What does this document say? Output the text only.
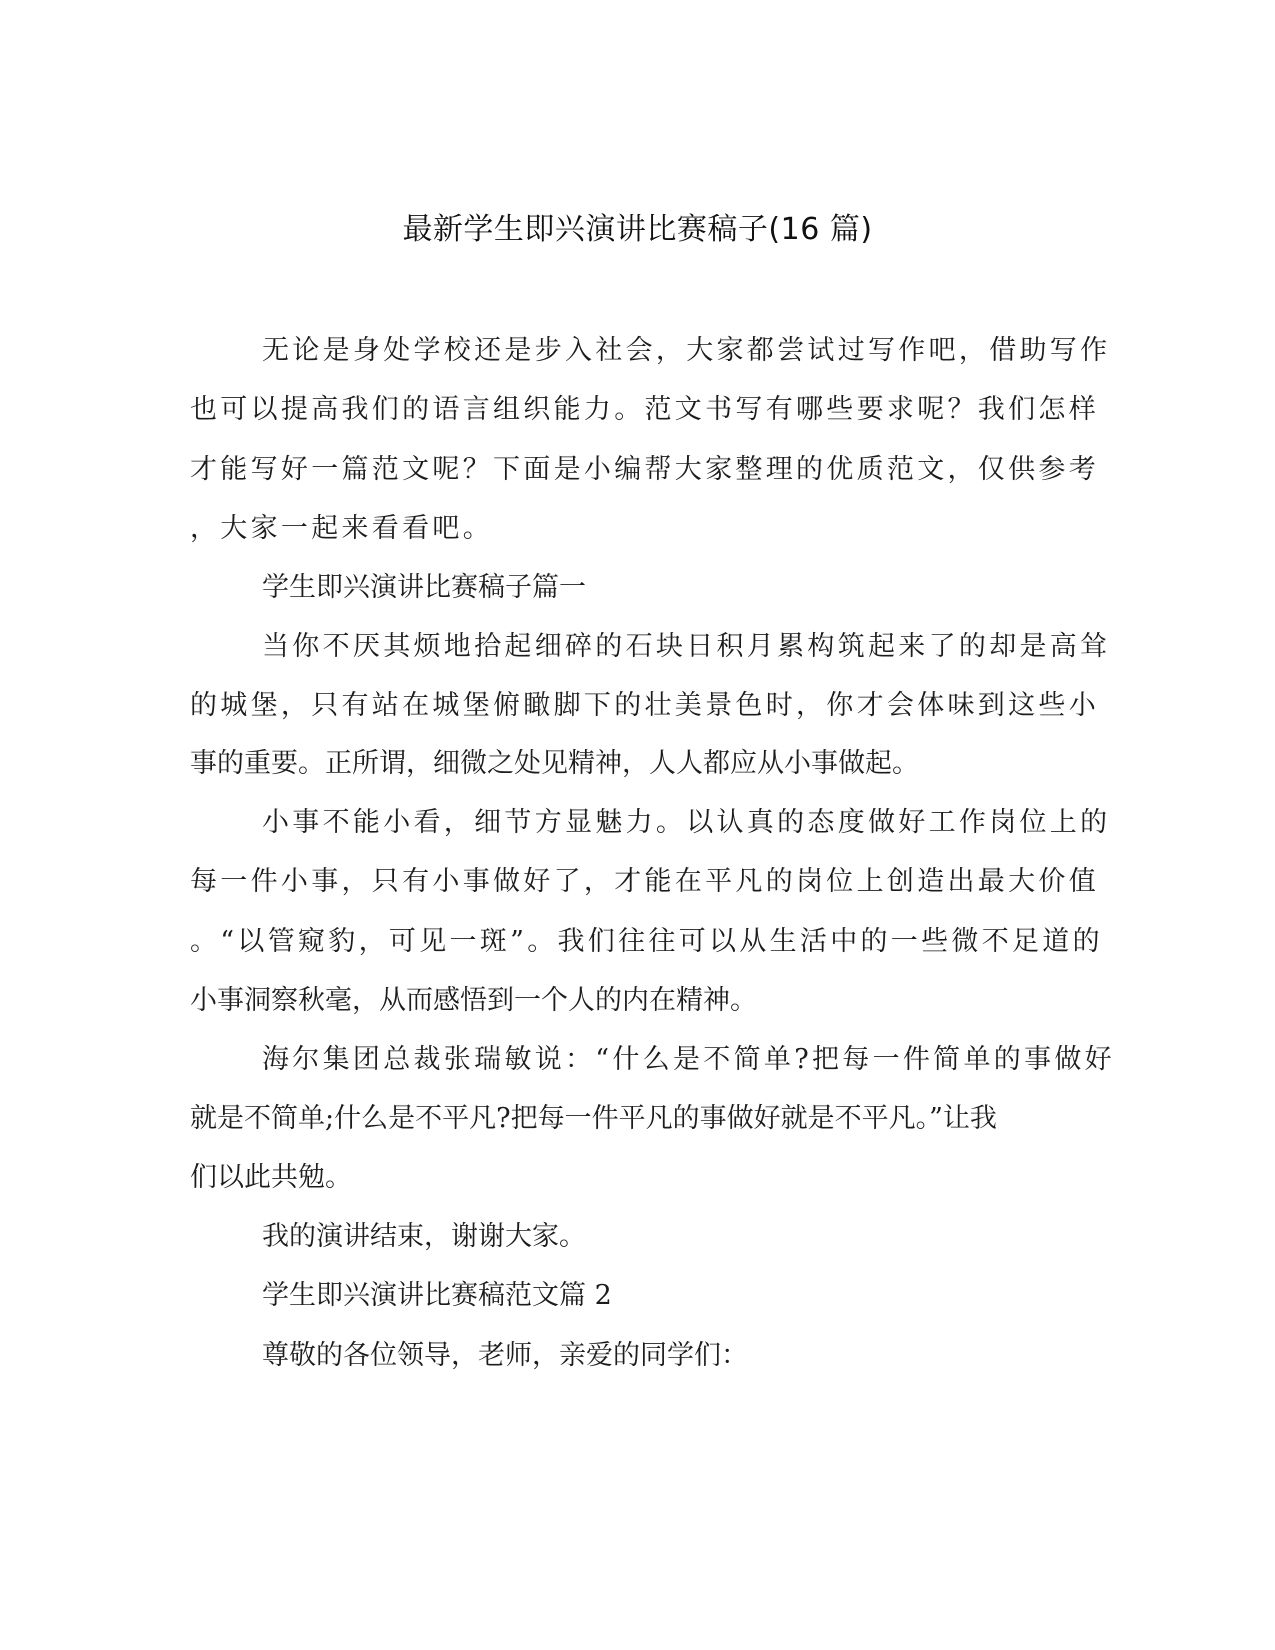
最新学生即兴演讲比赛稿子(16 篇)
无论是身处学校还是步入社会，大家都尝试过写作吧，借助写作
也可以提高我们的语言组织能力。范文书写有哪些要求呢？我们怎样
才能写好一篇范文呢？下面是小编帮大家整理的优质范文，仅供参考
，大家一起来看看吧。
学生即兴演讲比赛稿子篇一
当你不厌其烦地拾起细碎的石块日积月累构筑起来了的却是高耸
的城堡，只有站在城堡俯瞰脚下的壮美景色时，你才会体味到这些小
事的重要。正所谓，细微之处见精神，人人都应从小事做起。
小事不能小看，细节方显魅力。以认真的态度做好工作岗位上的
每一件小事，只有小事做好了，才能在平凡的岗位上创造出最大价值
。“以管窥豹，可见一斑”。我们往往可以从生活中的一些微不足道的
小事洞察秋毫，从而感悟到一个人的内在精神。
海尔集团总裁张瑞敏说：“什么是不简单?把每一件简单的事做好
就是不简单;什么是不平凡?把每一件平凡的事做好就是不平凡。”让我
们以此共勉。
我的演讲结束，谢谢大家。
学生即兴演讲比赛稿范文篇 2
尊敬的各位领导，老师，亲爱的同学们：
